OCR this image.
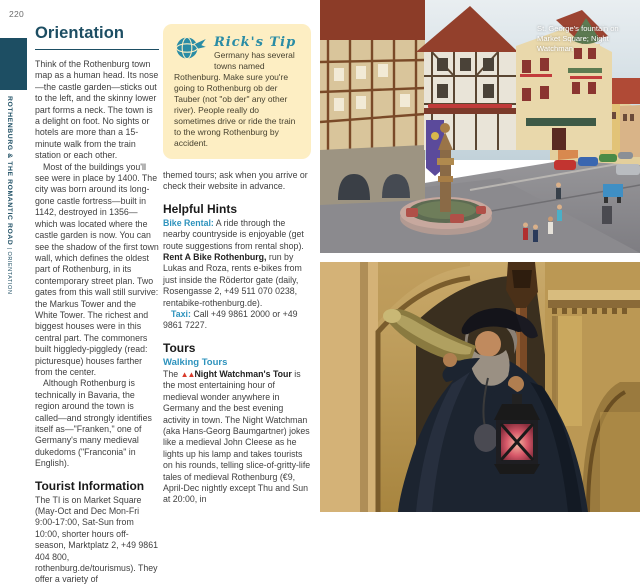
220
ROTHENBURG & THE ROMANTIC ROAD | ORIENTATION
Orientation

Think of the Rothenburg town map as a human head. Its nose—the castle garden—sticks out to the left, and the skinny lower part forms a neck. The town is a delight on foot. No sights or hotels are more than a 15-minute walk from the train station or each other.

Most of the buildings you'll see were in place by 1400. The city was born around its long-gone castle fortress—built in 1142, destroyed in 1356—which was located where the castle garden is now. You can see the shadow of the first town wall, which defines the oldest part of Rothenburg, in its contemporary street plan. Two gates from this wall still survive: the Markus Tower and the White Tower. The richest and biggest houses were in this central part. The commoners built higgledy-piggledy (read: picturesque) houses farther from the center.

Although Rothenburg is technically in Bavaria, the region around the town is called—and strongly identifies itself as—"Franken," one of Germany's many medieval dukedoms ("Franconia" in English).

Tourist Information

The TI is on Market Square (May-Oct and Dec Mon-Fri 9:00-17:00, Sat-Sun from 10:00, shorter hours off-season, Marktplatz 2, +49 9861 404 800, rothenburg.de/tourismus). They offer a variety of

Rick's Tip

Germany has several towns named Rothenburg. Make sure you're going to Rothenburg ob der Tauber (not "ob der" any other river). People really do sometimes drive or ride the train to the wrong Rothenburg by accident.

themed tours; ask when you arrive or check their website in advance.

Helpful Hints

Bike Rental: A ride through the nearby countryside is enjoyable (get route suggestions from rental shop). Rent A Bike Rothenburg, run by Lukas and Roza, rents e-bikes from just inside the Rödertor gate (daily, Rosengasse 2, +49 511 070 0238, rentabike-rothenburg.de).

Taxi: Call +49 9861 2000 or +49 9861 7227.

Tours
Walking Tours

The ▲▲Night Watchman's Tour is the most entertaining hour of medieval wonder anywhere in Germany and the best evening activity in town. The Night Watchman (aka Hans-Georg Baumgartner) jokes like a medieval John Cleese as he lights up his lamp and takes tourists on his rounds, telling slice-of-gritty-life tales of medieval Rothenburg (€9, April-Dec nightly except Thu and Sun at 20:00, in

St. George's fountain on Market Square; Night Watchman
